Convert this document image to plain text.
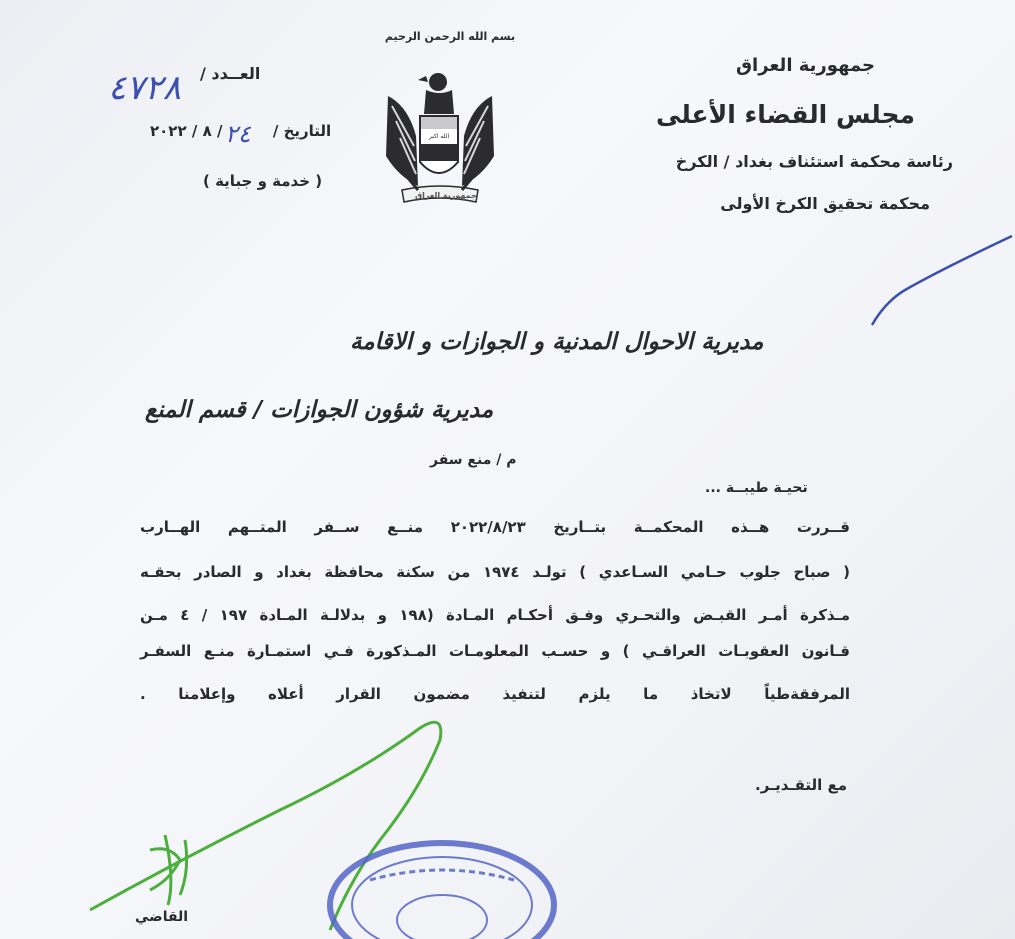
بسم الله الرحمن الرحيم
جمهورية العراق
مجلس القضاء الأعلى
رئاسة محكمة استئناف بغداد / الكرخ
محكمة تحقيق الكرخ الأولى
العــدد /
٤٧٢٨
التاريخ /  / ٨ / ٢٠٢٢ ٢٤
( خدمة و جباية )
الله اكبر
جمهورية العراق
مديرية الاحوال المدنية و الجوازات و الاقامة
مديرية شؤون الجوازات / قسم المنع
م / منع سفر
تحيـة طيبــة ...
قــررت هــذه المحكمــة بتــاريخ ٢٠٢٢/٨/٢٣ منــع ســفر المتــهم الهــارب
( صباح جلوب حـامي السـاعدي ) تولـد ١٩٧٤ من سكنة محافظة بغداد و الصادر بحقـه
مـذكرة أمـر القبـض والتحـري وفـق أحكـام المـادة (١٩٨ و بدلالـة المـادة ١٩٧ / ٤ مـن
قـانون العقوبـات العراقـي ) و حسـب المعلومـات المـذكورة فـي استمـارة منـع السفـر
المرفقةطياً لاتخاذ ما يلزم لتنفيذ مضمون القرار أعلاه وإعلامنا .
مع التقـديـر.
القاضي
